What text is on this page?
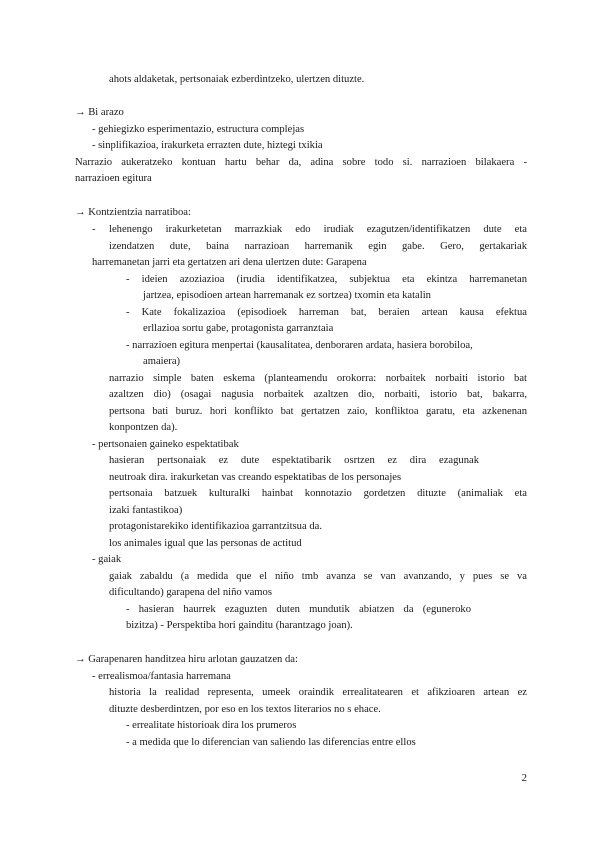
ahots aldaketak, pertsonaiak ezberdintzeko, ulertzen dituzte.
→ Bi arazo
- gehiegizko esperimentazio, estructura complejas
- sinplifikazioa, irakurketa errazten dute, hiztegi txikia
Narrazio aukeratzeko kontuan hartu behar da, adina sobre todo si. narrazioen bilakaera -
narrazioen egitura
→ Kontzientzia narratiboa:
- lehenengo irakurketetan marrazkiak edo irudiak ezagutzen/identifikatzen dute eta
izendatzen dute, baina narrazioan harremanik egin gabe. Gero, gertakariak
harremanetan jarri eta gertatzen ari dena ulertzen dute: Garapena
- ideien azoziazioa (irudia identifikatzea, subjektua eta ekintza harremanetan
jartzea, episodioen artean harremanak ez sortzea) txomin eta katalin
- Kate fokalizazioa (episodioek harreman bat, beraien artean kausa efektua
erllazioa sortu gabe, protagonista garranztaia
- narrazioen egitura menpertai (kausalitatea, denboraren ardata, hasiera borobiloa,
amaiera)
narrazio simple baten eskema (planteamendu orokorra: norbaitek norbaiti istorio bat
azaltzen dio) (osagai nagusia norbaitek azaltzen dio, norbaiti, istorio bat, bakarra,
pertsona bati buruz. hori konflikto bat gertatzen zaio, konfliktoa garatu, eta azkenenan
konpontzen da).
- pertsonaien gaineko espektatibak
hasieran pertsonaiak ez dute espektatibarik osrtzen ez dira ezagunak
neutroak dira. irakurketan vas creando espektatibas de los personajes
pertsonaia batzuek kulturalki hainbat konnotazio gordetzen dituzte (animaliak eta
izaki fantastikoa)
protagonistarekiko identifikazioa garrantzitsua da.
los animales igual que las personas de actitud
- gaiak
gaiak zabaldu (a medida que el niño tmb avanza se van avanzando, y pues se va
dificultando) garapena del niño vamos
- hasieran haurrek ezaguzten duten mundutik abiatzen da (eguneroko
bizitza) - Perspektiba hori gainditu (harantzago joan).
→ Garapenaren handitzea hiru arlotan gauzatzen da:
- errealismoa/fantasia harremana
historia la realidad representa, umeek oraindik errealitatearen et afikzioaren artean ez
dituzte desberdintzen, por eso en los textos literarios no s ehace.
- errealitate historioak dira los prumeros
- a medida que lo diferencian van saliendo las diferencias entre ellos
2
